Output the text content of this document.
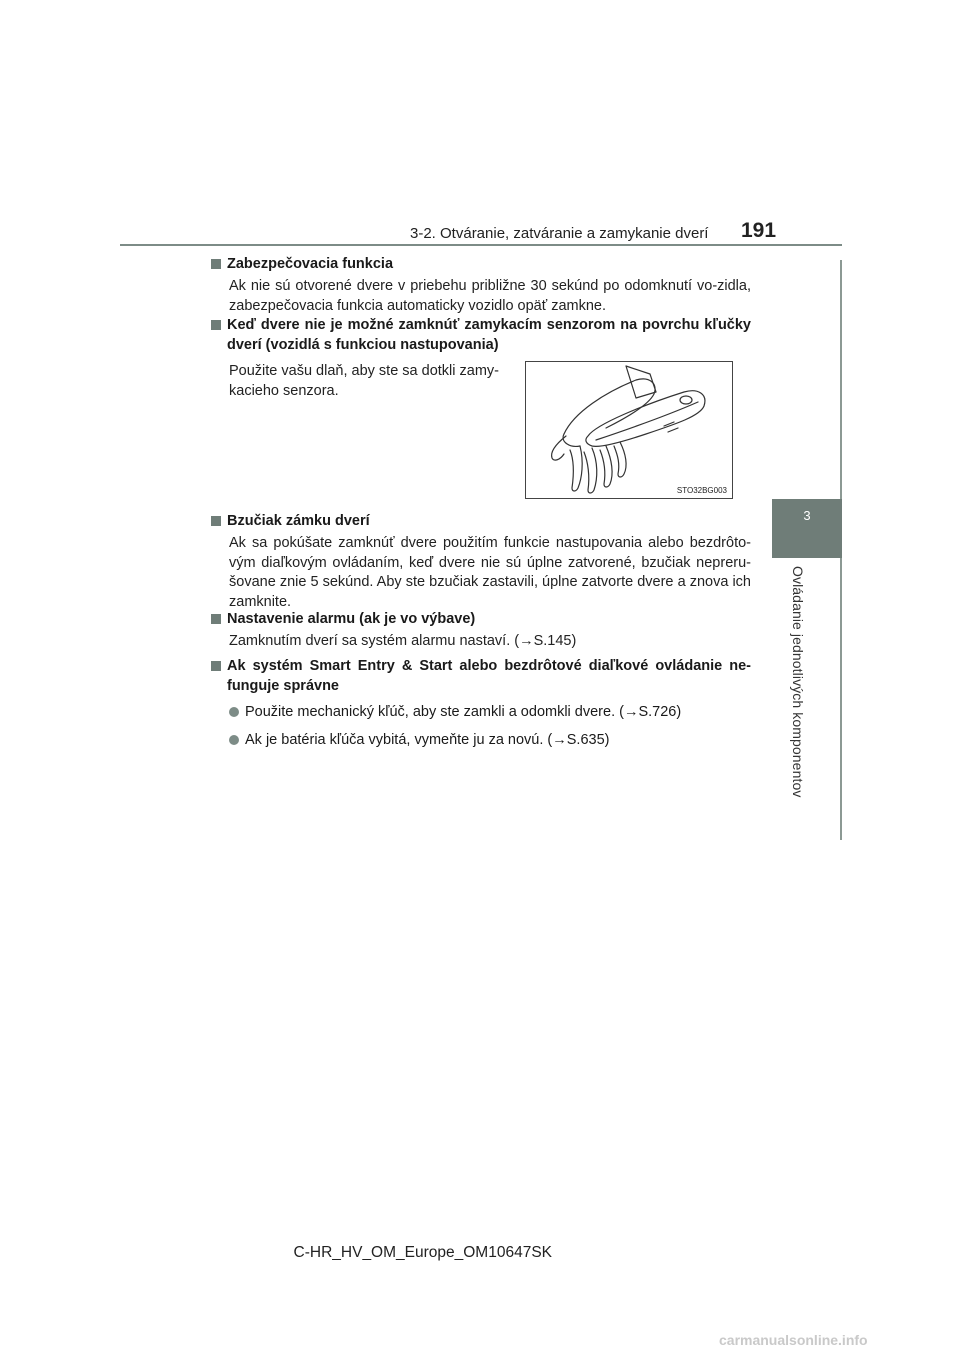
3-2. Otváranie, zatváranie a zamykanie dverí 191
3
Ovládanie jednotlivých komponentov
Zabezpečovacia funkcia
Ak nie sú otvorené dvere v priebehu približne 30 sekúnd po odomknutí vo-zidla, zabezpečovacia funkcia automaticky vozidlo opäť zamkne.
Keď dvere nie je možné zamknúť zamykacím senzorom na povrchu kľučky dverí (vozidlá s funkciou nastupovania)
Použite vašu dlaň, aby ste sa dotkli zamy-kacieho senzora.
STO32BG003
Bzučiak zámku dverí
Ak sa pokúšate zamknúť dvere použitím funkcie nastupovania alebo bezdrôto-vým diaľkovým ovládaním, keď dvere nie sú úplne zatvorené, bzučiak nepreru-šovane znie 5 sekúnd. Aby ste bzučiak zastavili, úplne zatvorte dvere a znova ich zamknite.
Nastavenie alarmu (ak je vo výbave)
Zamknutím dverí sa systém alarmu nastaví. (→S.145)
Ak systém Smart Entry & Start alebo bezdrôtové diaľkové ovládanie ne-funguje správne
Použite mechanický kľúč, aby ste zamkli a odomkli dvere. (→S.726)
Ak je batéria kľúča vybitá, vymeňte ju za novú. (→S.635)
C-HR_HV_OM_Europe_OM10647SK
carmanualsonline.info
